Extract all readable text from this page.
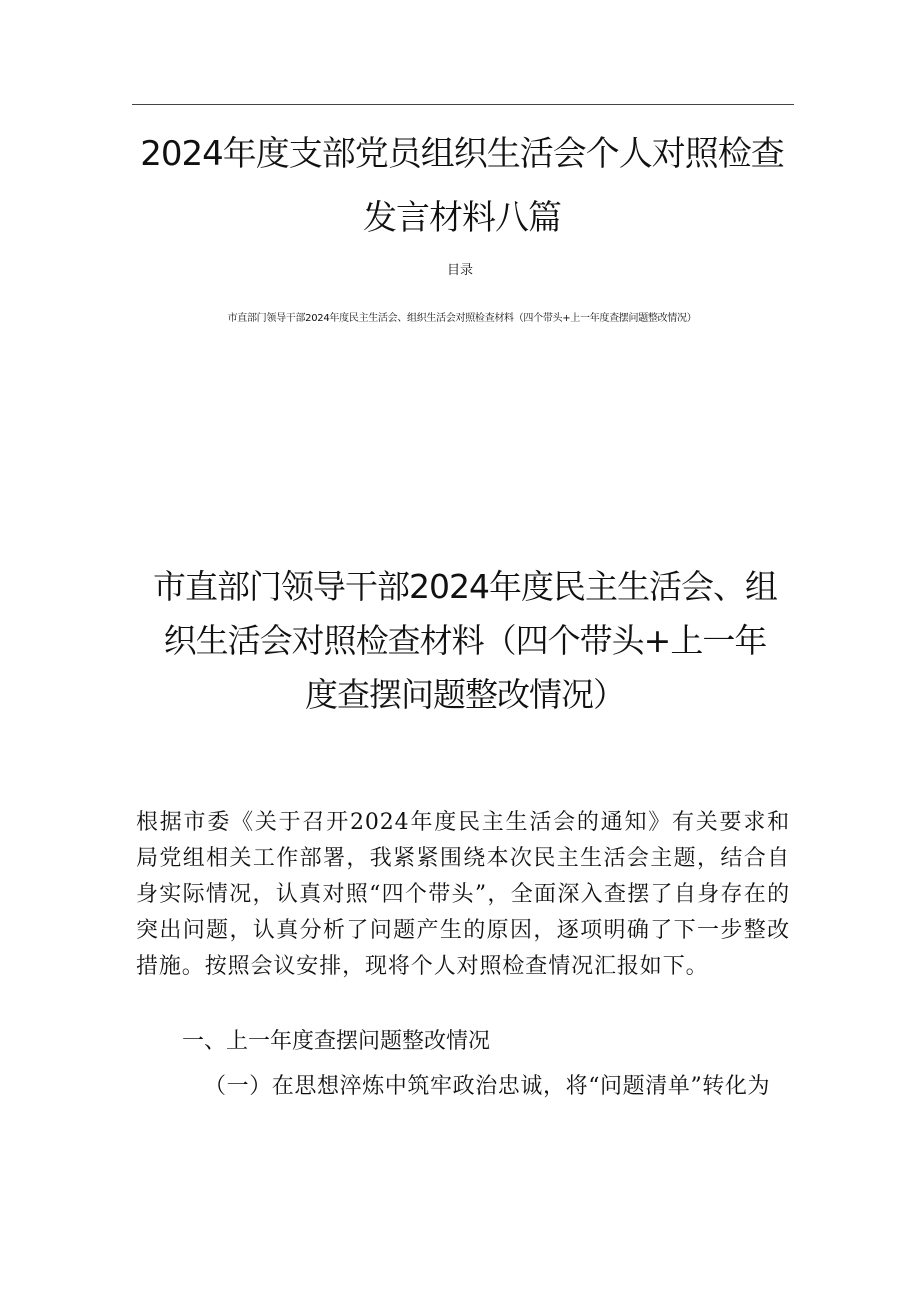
2024年度支部党员组织生活会个人对照检查发言材料八篇
目录
市直部门领导干部2024年度民主生活会、组织生活会对照检查材料（四个带头+上一年度查摆问题整改情况）
市直部门领导干部2024年度民主生活会、组织生活会对照检查材料（四个带头+上一年度查摆问题整改情况）

根据市委《关于召开2024年度民主生活会的通知》有关要求和局党组相关工作部署，我紧紧围绕本次民主生活会主题，结合自身实际情况，认真对照“四个带头”，全面深入查摆了自身存在的突出问题，认真分析了问题产生的原因，逐项明确了下一步整改措施。按照会议安排，现将个人对照检查情况汇报如下。

一、上一年度查摆问题整改情况

（一）在思想淬炼中筑牢政治忠诚，将“问题清单”转化为
